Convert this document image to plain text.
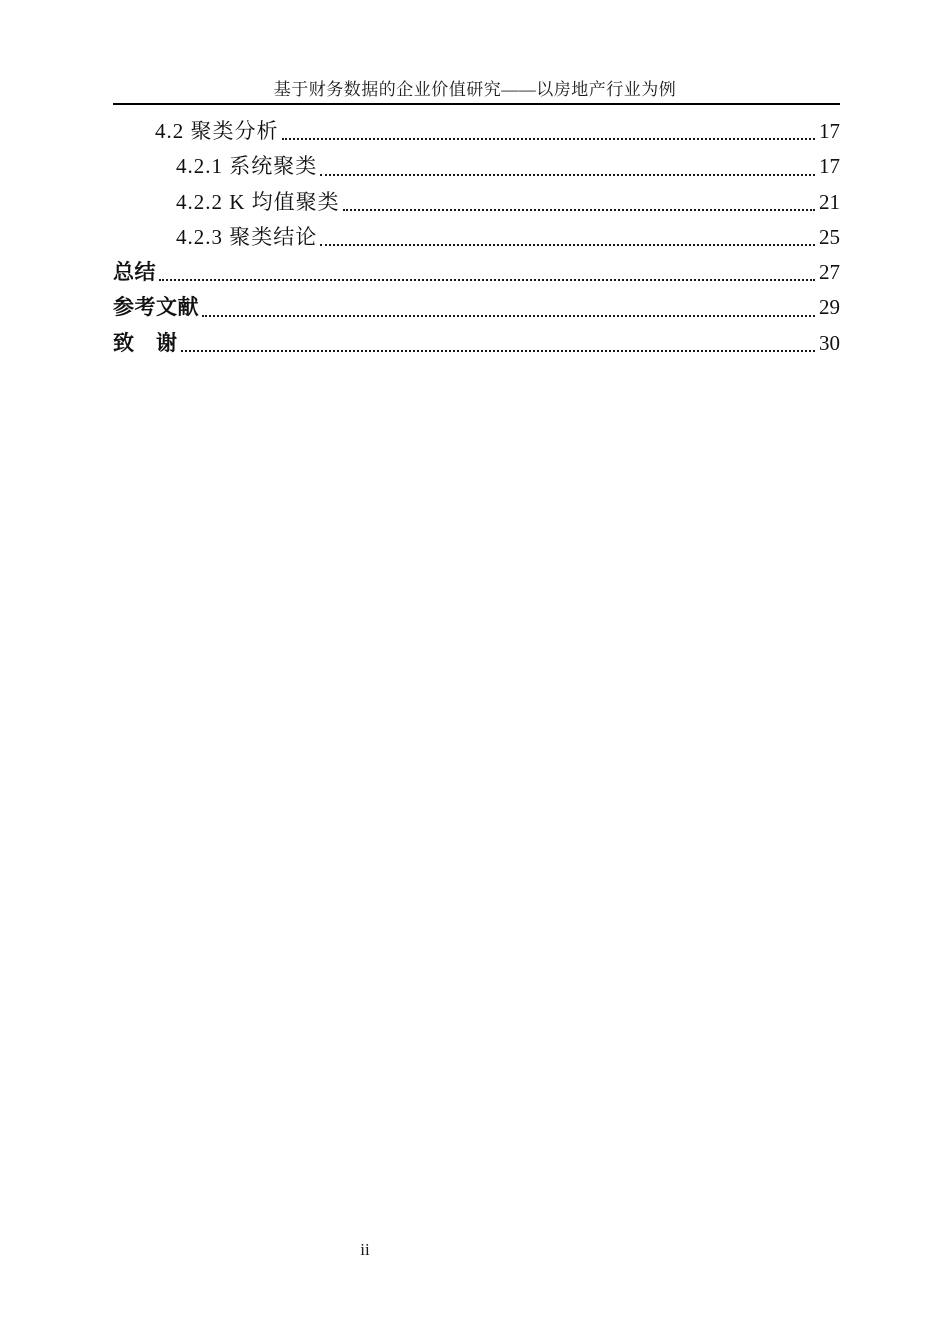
基于财务数据的企业价值研究——以房地产行业为例
4.2 聚类分析	17
4.2.1 系统聚类	17
4.2.2 K 均值聚类	21
4.2.3 聚类结论	25
总结	27
参考文献	29
致　谢	30
ii
